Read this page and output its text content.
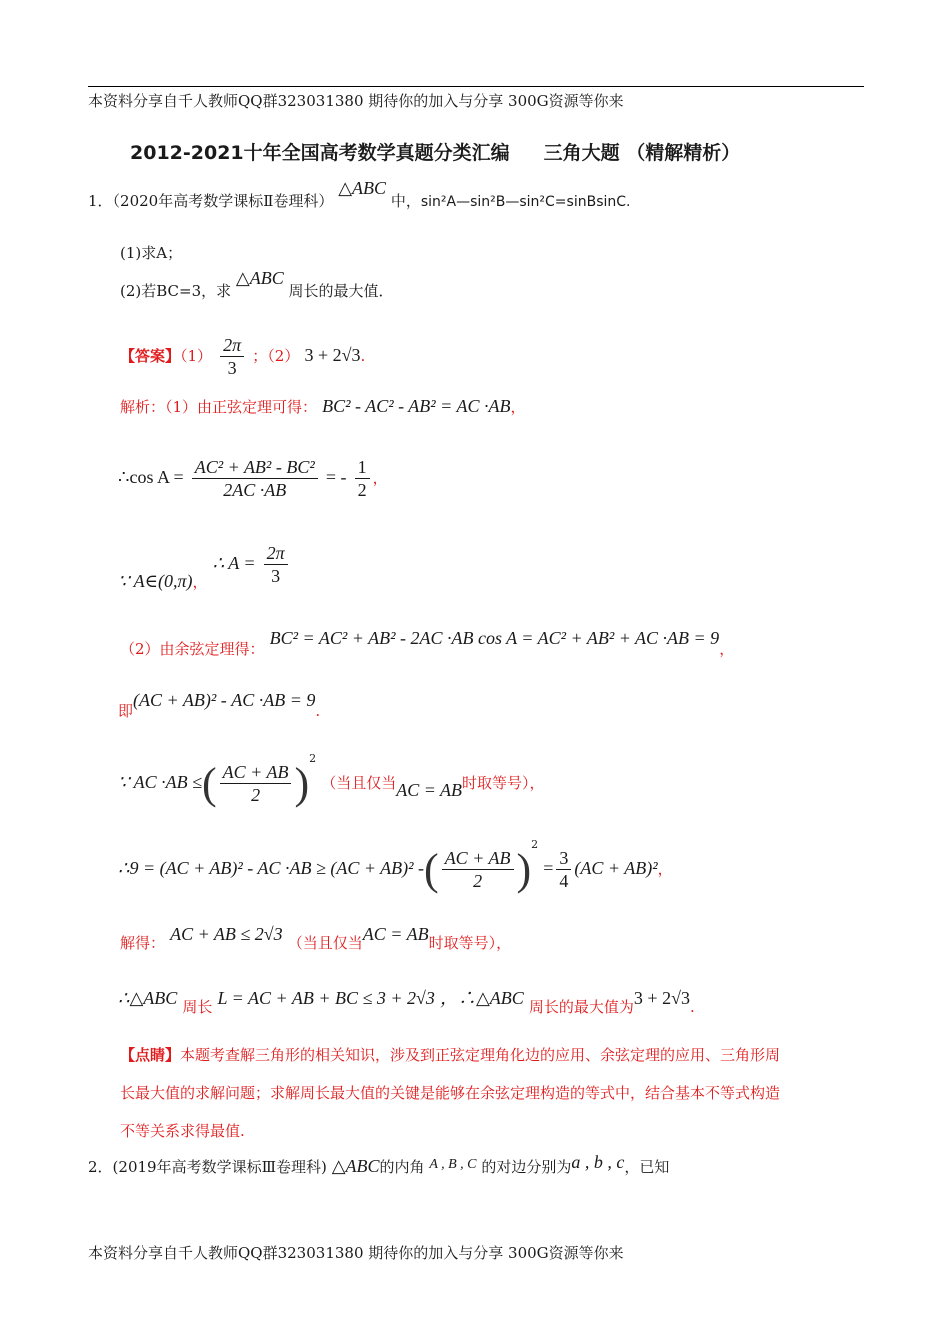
本资料分享自千人教师QQ群323031380 期待你的加入与分享 300G资源等你来
2012-2021十年全国高考数学真题分类汇编 三角大题 （精解精析）
1．（2020年高考数学课标Ⅱ卷理科） △ABC 中，sin²A—sin²B—sin²C=sinBsinC.
(1)求A；
(2)若BC=3，求 △ABC 周长的最大值．
【答案】$(1) \frac{2\pi}{3}$ ；（2） 3 + 2√3.
解析：（1）由正弦定理可得： BC² - AC² - AB² = AC ·AB，
∴cos $A = \frac{\text{AC² + AB² - BC²}}{2AC \cdot AB}$ = - $\frac{1}{2}$ ，
∵ A∈(0,π)， ∴ $A = \frac{2\pi}{3}$
（2）由余弦定理得： BC² = AC² + AB² - 2AC ·AB cos A = AC² + AB² + AC ·AB = 9，
即(AC + AB)² - AC ·AB = 9.
∵ AC ·AB ≤( $\frac{AC + AB}{2} )^2$ （当且仅当AC = AB时取等号），
∴9 = (AC + AB)² - AC ·AB ≥ (AC + AB)² -( $\frac{AC + AB}{2} )^2 = \frac{3}{4} (AC + AB)^2$，
解得： AC + AB ≤ 2√3 （当且仅当AC = AB时取等号），
∴△ABC 周长 L = AC + AB + BC ≤ 3 + 2√3 ，∴△ABC 周长的最大值为3 + 2√3.
【点睛】本题考查解三角形的相关知识，涉及到正弦定理角化边的应用、余弦定理的应用、三角形周
长最大值的求解问题；求解周长最大值的关键是能够在余弦定理构造的等式中，结合基本不等式构造
不等关系求得最值.
2．(2019年高考数学课标Ⅲ卷理科) △ABC的内角 A , B , C 的对边分别为a , b , c，已知
本资料分享自千人教师QQ群323031380 期待你的加入与分享 300G资源等你来
